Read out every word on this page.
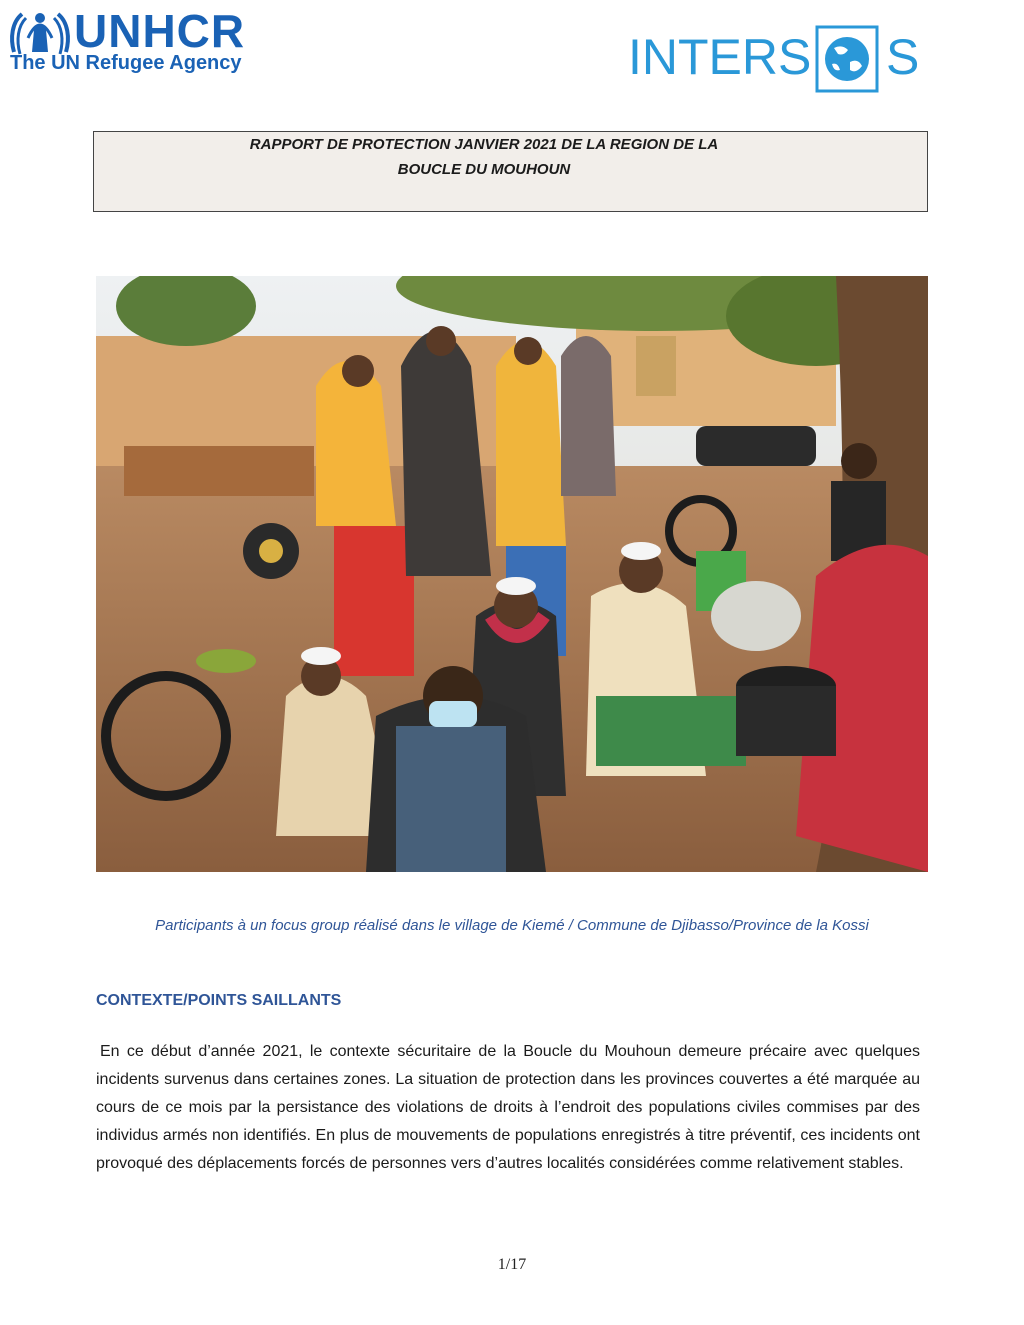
UNHCR
The UN Refugee Agency	INTERS S
RAPPORT DE PROTECTION JANVIER 2021 DE LA REGION DE LA
BOUCLE DU MOUHOUN
Participants à un focus group réalisé dans le village de Kiemé / Commune de Djibasso/Province de la Kossi
CONTEXTE/POINTS SAILLANTS
En ce début d’année 2021, le contexte sécuritaire de la Boucle du Mouhoun demeure précaire avec quelques incidents survenus dans certaines zones. La situation de protection dans les provinces couvertes a été marquée au cours de ce mois par la persistance des violations de droits à l’endroit des populations civiles commises par des individus armés non identifiés. En plus de mouvements de populations enregistrés à titre préventif, ces incidents ont provoqué des déplacements forcés de personnes vers d’autres localités considérées comme relativement stables.
1/17
